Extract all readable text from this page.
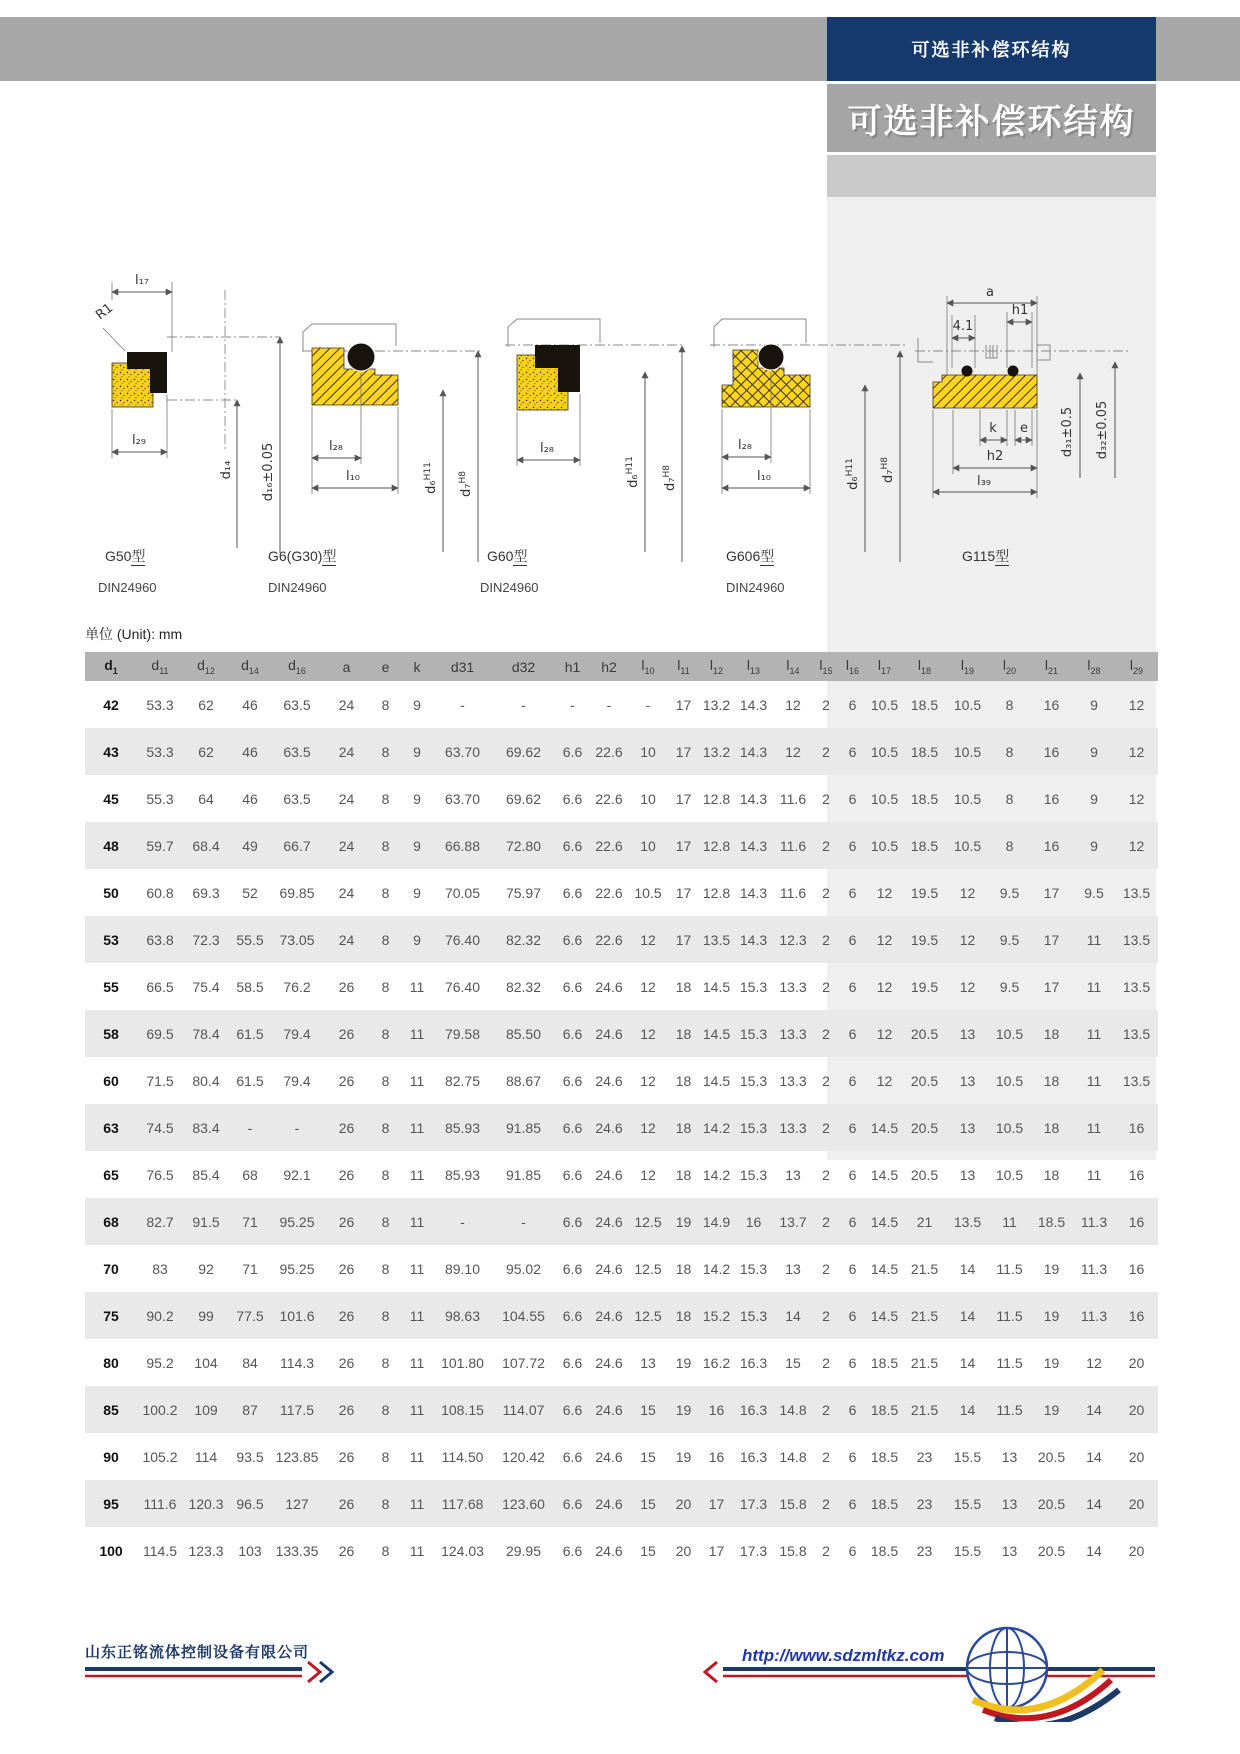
可选非补偿环结构
可选非补偿环结构
l₁₇
R1
l₂₉
d₁₄ d₁₆±0.05	l₂₈
l₁₀
d₆$^{H11}$
d₇$^{H8}$
l₂₈
d₆$^{H11}$
d₇$^{H8}$
l₂₈
l₁₀	d₆$^{H11}$	d₇$^{H8}$
a
4.1
h1
k e
h2
l₃₉
d₃₁±0.5 d₃₂±0.05
G50型
DIN24960
G6(G30)型
DIN24960
G60型
DIN24960
G606型
DIN24960
G115型
单位 (Unit): mm
$d_1$	$d_{11}$	$d_{12}$	$d_{14}$	$d_{16}$	a	e	k	d31	d32	h1	h2	$l_{10}$	$l_{11}$	$l_{12}$	$l_{13}$	$l_{14}$	$l_{15}$	$l_{16}$	$l_{17}$	$l_{18}$	$l_{19}$	$l_{20}$	$l_{21}$	$l_{28}$	$l_{29}$
42	53.3	62	46	63.5	24	8	9	-	-	-	-	-	17	13.2	14.3	12	2	6	10.5	18.5	10.5	8	16	9	12
43	53.3	62	46	63.5	24	8	9	63.70	69.62	6.6	22.6	10	17	13.2	14.3	12	2	6	10.5	18.5	10.5	8	16	9	12
45	55.3	64	46	63.5	24	8	9	63.70	69.62	6.6	22.6	10	17	12.8	14.3	11.6	2	6	10.5	18.5	10.5	8	16	9	12
48	59.7	68.4	49	66.7	24	8	9	66.88	72.80	6.6	22.6	10	17	12.8	14.3	11.6	2	6	10.5	18.5	10.5	8	16	9	12
50	60.8	69.3	52	69.85	24	8	9	70.05	75.97	6.6	22.6	10.5	17	12.8	14.3	11.6	2	6	12	19.5	12	9.5	17	9.5	13.5
53	63.8	72.3	55.5	73.05	24	8	9	76.40	82.32	6.6	22.6	12	17	13.5	14.3	12.3	2	6	12	19.5	12	9.5	17	11	13.5
55	66.5	75.4	58.5	76.2	26	8	11	76.40	82.32	6.6	24.6	12	18	14.5	15.3	13.3	2	6	12	19.5	12	9.5	17	11	13.5
58	69.5	78.4	61.5	79.4	26	8	11	79.58	85.50	6.6	24.6	12	18	14.5	15.3	13.3	2	6	12	20.5	13	10.5	18	11	13.5
60	71.5	80.4	61.5	79.4	26	8	11	82.75	88.67	6.6	24.6	12	18	14.5	15.3	13.3	2	6	12	20.5	13	10.5	18	11	13.5
63	74.5	83.4	-	-	26	8	11	85.93	91.85	6.6	24.6	12	18	14.2	15.3	13.3	2	6	14.5	20.5	13	10.5	18	11	16
65	76.5	85.4	68	92.1	26	8	11	85.93	91.85	6.6	24.6	12	18	14.2	15.3	13	2	6	14.5	20.5	13	10.5	18	11	16
68	82.7	91.5	71	95.25	26	8	11	-	-	6.6	24.6	12.5	19	14.9	16	13.7	2	6	14.5	21	13.5	11	18.5	11.3	16
70	83	92	71	95.25	26	8	11	89.10	95.02	6.6	24.6	12.5	18	14.2	15.3	13	2	6	14.5	21.5	14	11.5	19	11.3	16
75	90.2	99	77.5	101.6	26	8	11	98.63	104.55	6.6	24.6	12.5	18	15.2	15.3	14	2	6	14.5	21.5	14	11.5	19	11.3	16
80	95.2	104	84	114.3	26	8	11	101.80	107.72	6.6	24.6	13	19	16.2	16.3	15	2	6	18.5	21.5	14	11.5	19	12	20
85	100.2	109	87	117.5	26	8	11	108.15	114.07	6.6	24.6	15	19	16	16.3	14.8	2	6	18.5	21.5	14	11.5	19	14	20
90	105.2	114	93.5	123.85	26	8	11	114.50	120.42	6.6	24.6	15	19	16	16.3	14.8	2	6	18.5	23	15.5	13	20.5	14	20
95	111.6	120.3	96.5	127	26	8	11	117.68	123.60	6.6	24.6	15	20	17	17.3	15.8	2	6	18.5	23	15.5	13	20.5	14	20
100	114.5	123.3	103	133.35	26	8	11	124.03	29.95	6.6	24.6	15	20	17	17.3	15.8	2	6	18.5	23	15.5	13	20.5	14	20
山东正铭流体控制设备有限公司	http://www.sdzmltkz.com
